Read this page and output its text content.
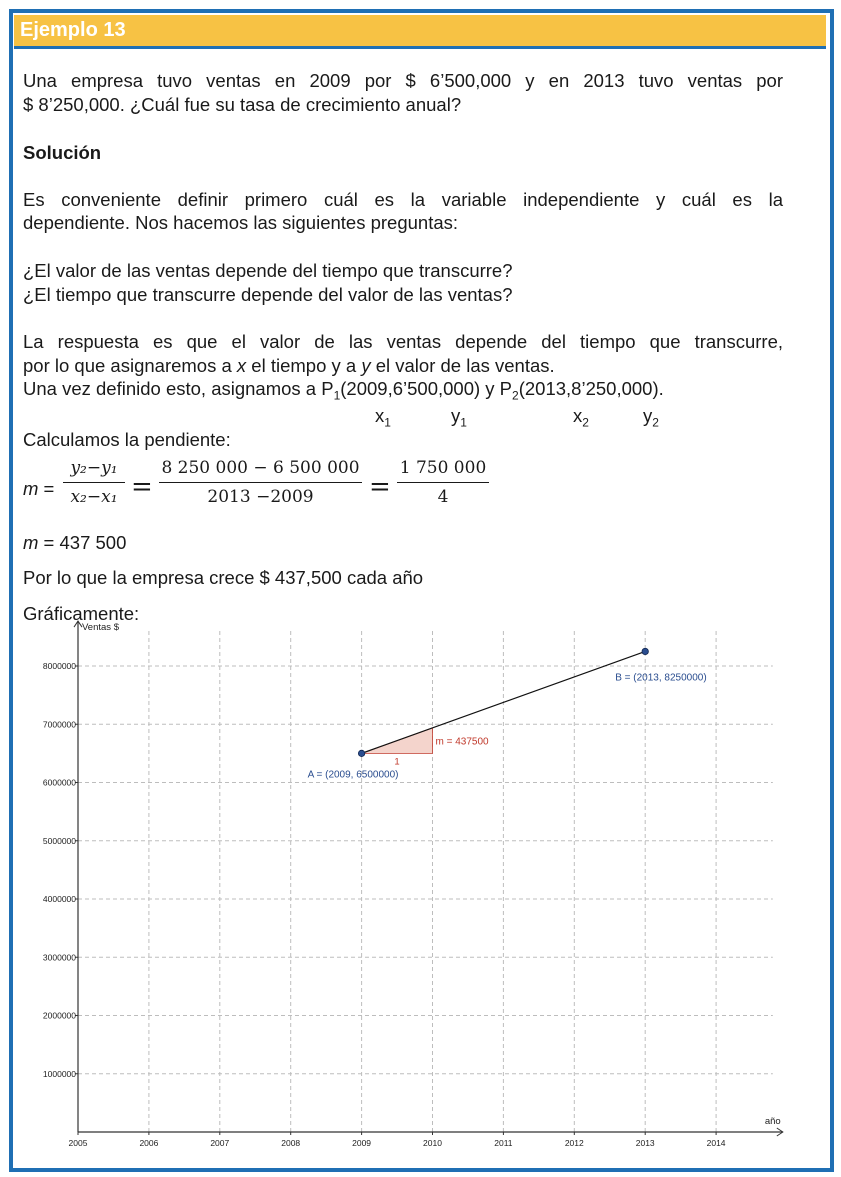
Ejemplo 13
Una empresa tuvo ventas en 2009 por $ 6’500,000 y en 2013 tuvo ventas por
$ 8’250,000. ¿Cuál fue su tasa de crecimiento anual?
Solución
Es conveniente definir primero cuál es la variable independiente y cuál es la
dependiente. Nos hacemos las siguientes preguntas:
¿El valor de las ventas depende del tiempo que transcurre?
¿El tiempo que transcurre depende del valor de las ventas?
La respuesta es que el valor de las ventas depende del tiempo que transcurre,
por lo que asignaremos a x el tiempo y a y el valor de las ventas.
Una vez definido esto, asignamos a $P_1(2009,6’500,000)$ y $P_2(2013,8’250,000)$.
$x_1$	$y_1$	$x_2$	$y_2$
Calculamos la pendiente:
$m = \frac{\text{y₂−y₁}}{\text{x₂−x₁}} = \frac{8 250 000 - 6 500 000}{2013 -2009} = \frac{1 750 000}{4}$
m = 437 500
Por lo que la empresa crece $ 437,500 cada año
Gráficamente:
2005	2006	2007	2008	2009	2010	2011	2012	2013	2014
1000000
2000000
3000000
4000000
5000000
6000000
7000000
8000000
Ventas $
año
1
m = 437500
A = (2009, 6500000)
B = (2013, 8250000)
